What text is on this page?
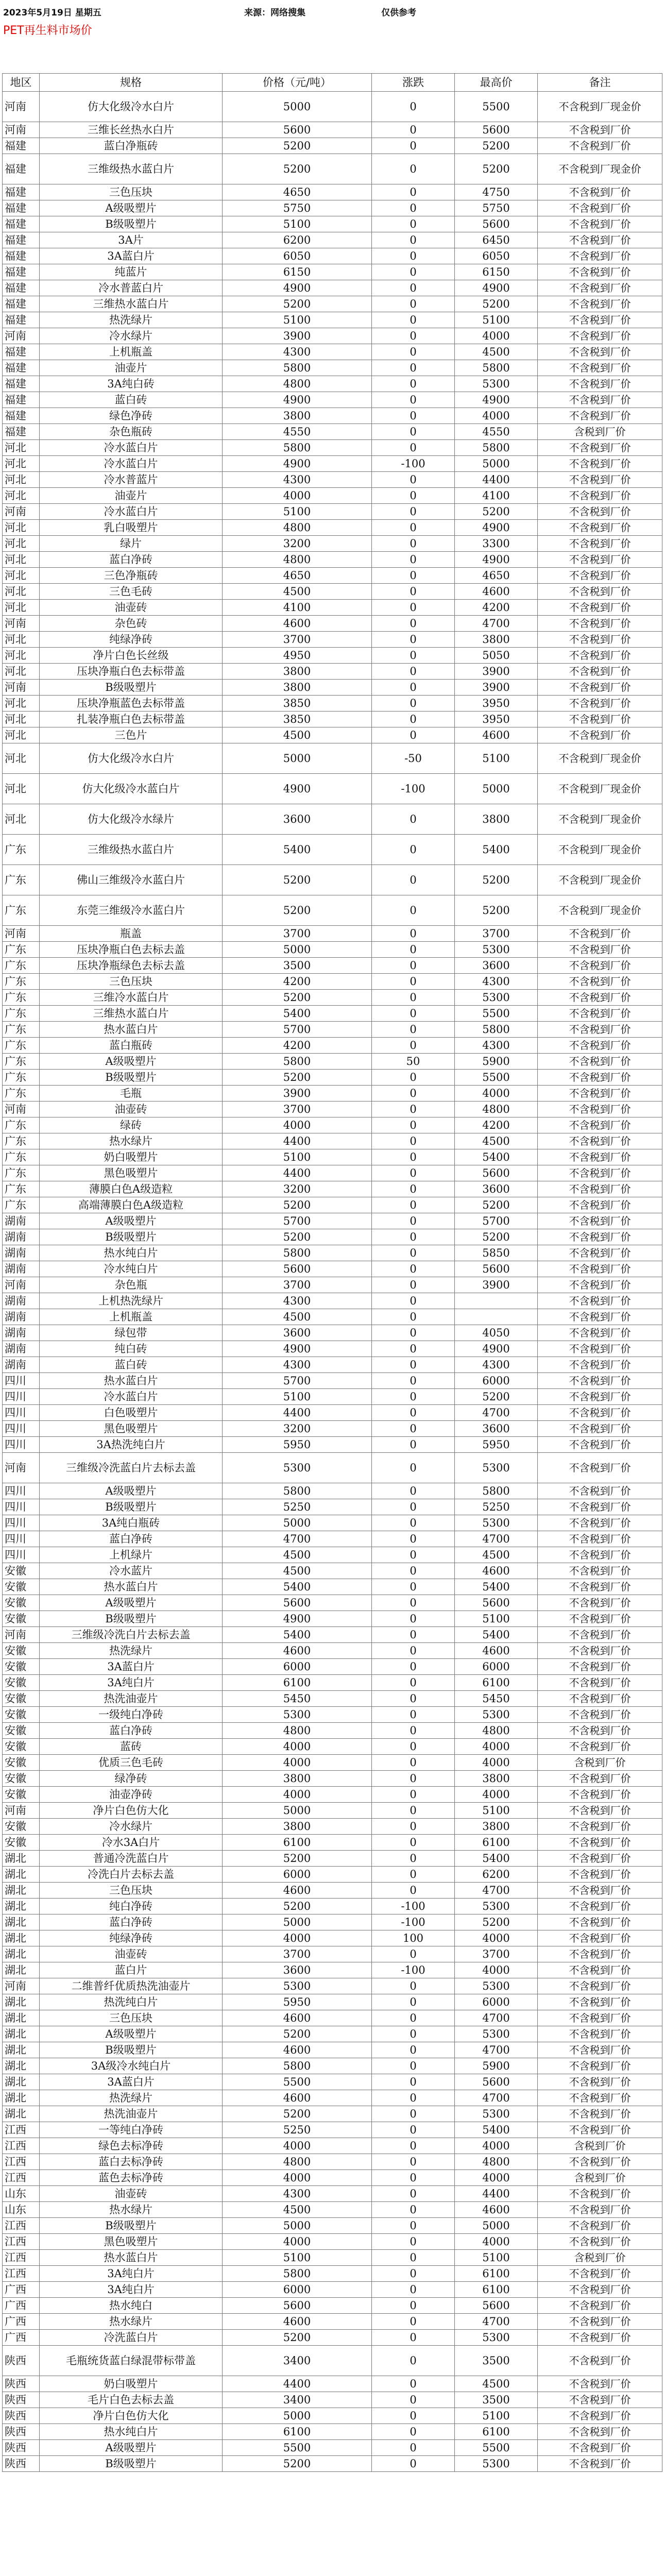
2023年5月19日 星期五	来源：网络搜集	仅供参考
PET再生料市场价
地区	规格	价格（元/吨）	涨跌	最高价	备注
河南	仿大化级冷水白片	5000	0	5500	不含税到厂现金价
河南	三维长丝热水白片	5600	0	5600	不含税到厂价
福建	蓝白净瓶砖	5200	0	5200	不含税到厂价
福建	三维级热水蓝白片	5200	0	5200	不含税到厂现金价
福建	三色压块	4650	0	4750	不含税到厂价
福建	A级吸塑片	5750	0	5750	不含税到厂价
福建	B级吸塑片	5100	0	5600	不含税到厂价
福建	3A片	6200	0	6450	不含税到厂价
福建	3A蓝白片	6050	0	6050	不含税到厂价
福建	纯蓝片	6150	0	6150	不含税到厂价
福建	冷水普蓝白片	4900	0	4900	不含税到厂价
福建	三维热水蓝白片	5200	0	5200	不含税到厂价
福建	热洗绿片	5100	0	5100	不含税到厂价
河南	冷水绿片	3900	0	4000	不含税到厂价
福建	上机瓶盖	4300	0	4500	不含税到厂价
福建	油壶片	5800	0	5800	不含税到厂价
福建	3A纯白砖	4800	0	5300	不含税到厂价
福建	蓝白砖	4900	0	4900	不含税到厂价
福建	绿色净砖	3800	0	4000	不含税到厂价
福建	杂色瓶砖	4550	0	4550	含税到厂价
河北	冷水蓝白片	5800	0	5800	不含税到厂价
河北	冷水蓝白片	4900	-100	5000	不含税到厂价
河北	冷水普蓝片	4300	0	4400	不含税到厂价
河北	油壶片	4000	0	4100	不含税到厂价
河南	冷水蓝白片	5100	0	5200	不含税到厂价
河北	乳白吸塑片	4800	0	4900	不含税到厂价
河北	绿片	3200	0	3300	不含税到厂价
河北	蓝白净砖	4800	0	4900	不含税到厂价
河北	三色净瓶砖	4650	0	4650	不含税到厂价
河北	三色毛砖	4500	0	4600	不含税到厂价
河北	油壶砖	4100	0	4200	不含税到厂价
河南	杂色砖	4600	0	4700	不含税到厂价
河北	纯绿净砖	3700	0	3800	不含税到厂价
河北	净片白色长丝级	4950	0	5050	不含税到厂价
河北	压块净瓶白色去标带盖	3800	0	3900	不含税到厂价
河南	B级吸塑片	3800	0	3900	不含税到厂价
河北	压块净瓶蓝色去标带盖	3850	0	3950	不含税到厂价
河北	扎装净瓶白色去标带盖	3850	0	3950	不含税到厂价
河北	三色片	4500	0	4600	不含税到厂价
河北	仿大化级冷水白片	5000	-50	5100	不含税到厂现金价
河北	仿大化级冷水蓝白片	4900	-100	5000	不含税到厂现金价
河北	仿大化级冷水绿片	3600	0	3800	不含税到厂现金价
广东	三维级热水蓝白片	5400	0	5400	不含税到厂现金价
广东	佛山三维级冷水蓝白片	5200	0	5200	不含税到厂现金价
广东	东莞三维级冷水蓝白片	5200	0	5200	不含税到厂现金价
河南	瓶盖	3700	0	3700	不含税到厂价
广东	压块净瓶白色去标去盖	5000	0	5300	不含税到厂价
广东	压块净瓶绿色去标去盖	3500	0	3600	不含税到厂价
广东	三色压块	4200	0	4300	不含税到厂价
广东	三维冷水蓝白片	5200	0	5300	不含税到厂价
广东	三维热水蓝白片	5400	0	5500	不含税到厂价
广东	热水蓝白片	5700	0	5800	不含税到厂价
广东	蓝白瓶砖	4200	0	4300	不含税到厂价
广东	A级吸塑片	5800	50	5900	不含税到厂价
广东	B级吸塑片	5200	0	5500	不含税到厂价
广东	毛瓶	3900	0	4000	不含税到厂价
河南	油壶砖	3700	0	4800	不含税到厂价
广东	绿砖	4000	0	4200	不含税到厂价
广东	热水绿片	4400	0	4500	不含税到厂价
广东	奶白吸塑片	5100	0	5400	不含税到厂价
广东	黑色吸塑片	4400	0	5600	不含税到厂价
广东	薄膜白色A级造粒	3200	0	3600	不含税到厂价
广东	高端薄膜白色A级造粒	5200	0	5200	不含税到厂价
湖南	A级吸塑片	5700	0	5700	不含税到厂价
湖南	B级吸塑片	5200	0	5200	不含税到厂价
湖南	热水纯白片	5800	0	5850	不含税到厂价
湖南	冷水纯白片	5600	0	5600	不含税到厂价
河南	杂色瓶	3700	0	3900	不含税到厂价
湖南	上机热洗绿片	4300	0		不含税到厂价
湖南	上机瓶盖	4500	0		不含税到厂价
湖南	绿包带	3600	0	4050	不含税到厂价
湖南	纯白砖	4900	0	4900	不含税到厂价
湖南	蓝白砖	4300	0	4300	不含税到厂价
四川	热水蓝白片	5700	0	6000	不含税到厂价
四川	冷水蓝白片	5100	0	5200	不含税到厂价
四川	白色吸塑片	4400	0	4700	不含税到厂价
四川	黑色吸塑片	3200	0	3600	不含税到厂价
四川	3A热洗纯白片	5950	0	5950	不含税到厂价
河南	三维级冷洗蓝白片去标去盖	5300	0	5300	不含税到厂价
四川	A级吸塑片	5800	0	5800	不含税到厂价
四川	B级吸塑片	5250	0	5250	不含税到厂价
四川	3A纯白瓶砖	5000	0	5300	不含税到厂价
四川	蓝白净砖	4700	0	4700	不含税到厂价
四川	上机绿片	4500	0	4500	不含税到厂价
安徽	冷水蓝片	4500	0	4600	不含税到厂价
安徽	热水蓝白片	5400	0	5400	不含税到厂价
安徽	A级吸塑片	5600	0	5600	不含税到厂价
安徽	B级吸塑片	4900	0	5100	不含税到厂价
河南	三维级冷洗白片去标去盖	5400	0	5400	不含税到厂价
安徽	热洗绿片	4600	0	4600	不含税到厂价
安徽	3A蓝白片	6000	0	6000	不含税到厂价
安徽	3A纯白片	6100	0	6100	不含税到厂价
安徽	热洗油壶片	5450	0	5450	不含税到厂价
安徽	一级纯白净砖	5300	0	5300	不含税到厂价
安徽	蓝白净砖	4800	0	4800	不含税到厂价
安徽	蓝砖	4000	0	4000	不含税到厂价
安徽	优质三色毛砖	4000	0	4000	含税到厂价
安徽	绿净砖	3800	0	3800	不含税到厂价
安徽	油壶净砖	4000	0	4000	不含税到厂价
河南	净片白色仿大化	5000	0	5100	不含税到厂价
安徽	冷水绿片	3800	0	3800	不含税到厂价
安徽	冷水3A白片	6100	0	6100	不含税到厂价
湖北	普通冷洗蓝白片	5200	0	5400	不含税到厂价
湖北	冷洗白片去标去盖	6000	0	6200	不含税到厂价
湖北	三色压块	4600	0	4700	不含税到厂价
湖北	纯白净砖	5200	-100	5300	不含税到厂价
湖北	蓝白净砖	5000	-100	5200	不含税到厂价
湖北	纯绿净砖	4000	100	4000	不含税到厂价
湖北	油壶砖	3700	0	3700	不含税到厂价
湖北	蓝白片	3600	-100	4000	不含税到厂价
河南	二维普纤优质热洗油壶片	5300	0	5300	不含税到厂价
湖北	热洗纯白片	5950	0	6000	不含税到厂价
湖北	三色压块	4600	0	4700	不含税到厂价
湖北	A级吸塑片	5200	0	5300	不含税到厂价
湖北	B级吸塑片	4600	0	4700	不含税到厂价
湖北	3A级冷水纯白片	5800	0	5900	不含税到厂价
湖北	3A蓝白片	5500	0	5600	不含税到厂价
湖北	热洗绿片	4600	0	4700	不含税到厂价
湖北	热洗油壶片	5200	0	5300	不含税到厂价
江西	一等纯白净砖	5250	0	5400	不含税到厂价
江西	绿色去标净砖	4000	0	4000	含税到厂价
江西	蓝白去标净砖	4800	0	4800	不含税到厂价
江西	蓝色去标净砖	4000	0	4000	含税到厂价
山东	油壶砖	4300	0	4400	不含税到厂价
山东	热水绿片	4500	0	4600	不含税到厂价
江西	B级吸塑片	5000	0	5000	不含税到厂价
江西	黑色吸塑片	4000	0	4000	不含税到厂价
江西	热水蓝白片	5100	0	5100	含税到厂价
江西	3A纯白片	5800	0	6100	不含税到厂价
广西	3A纯白片	6000	0	6100	不含税到厂价
广西	热水纯白	5600	0	5600	不含税到厂价
广西	热水绿片	4600	0	4700	不含税到厂价
广西	冷洗蓝白片	5200	0	5300	不含税到厂价
陕西	毛瓶统货蓝白绿混带标带盖	3400	0	3500	不含税到厂价
陕西	奶白吸塑片	4400	0	4500	不含税到厂价
陕西	毛片白色去标去盖	3400	0	3500	不含税到厂价
陕西	净片白色仿大化	5000	0	5100	不含税到厂价
陕西	热水纯白片	6100	0	6100	不含税到厂价
陕西	A级吸塑片	5500	0	5500	不含税到厂价
陕西	B级吸塑片	5200	0	5300	不含税到厂价
